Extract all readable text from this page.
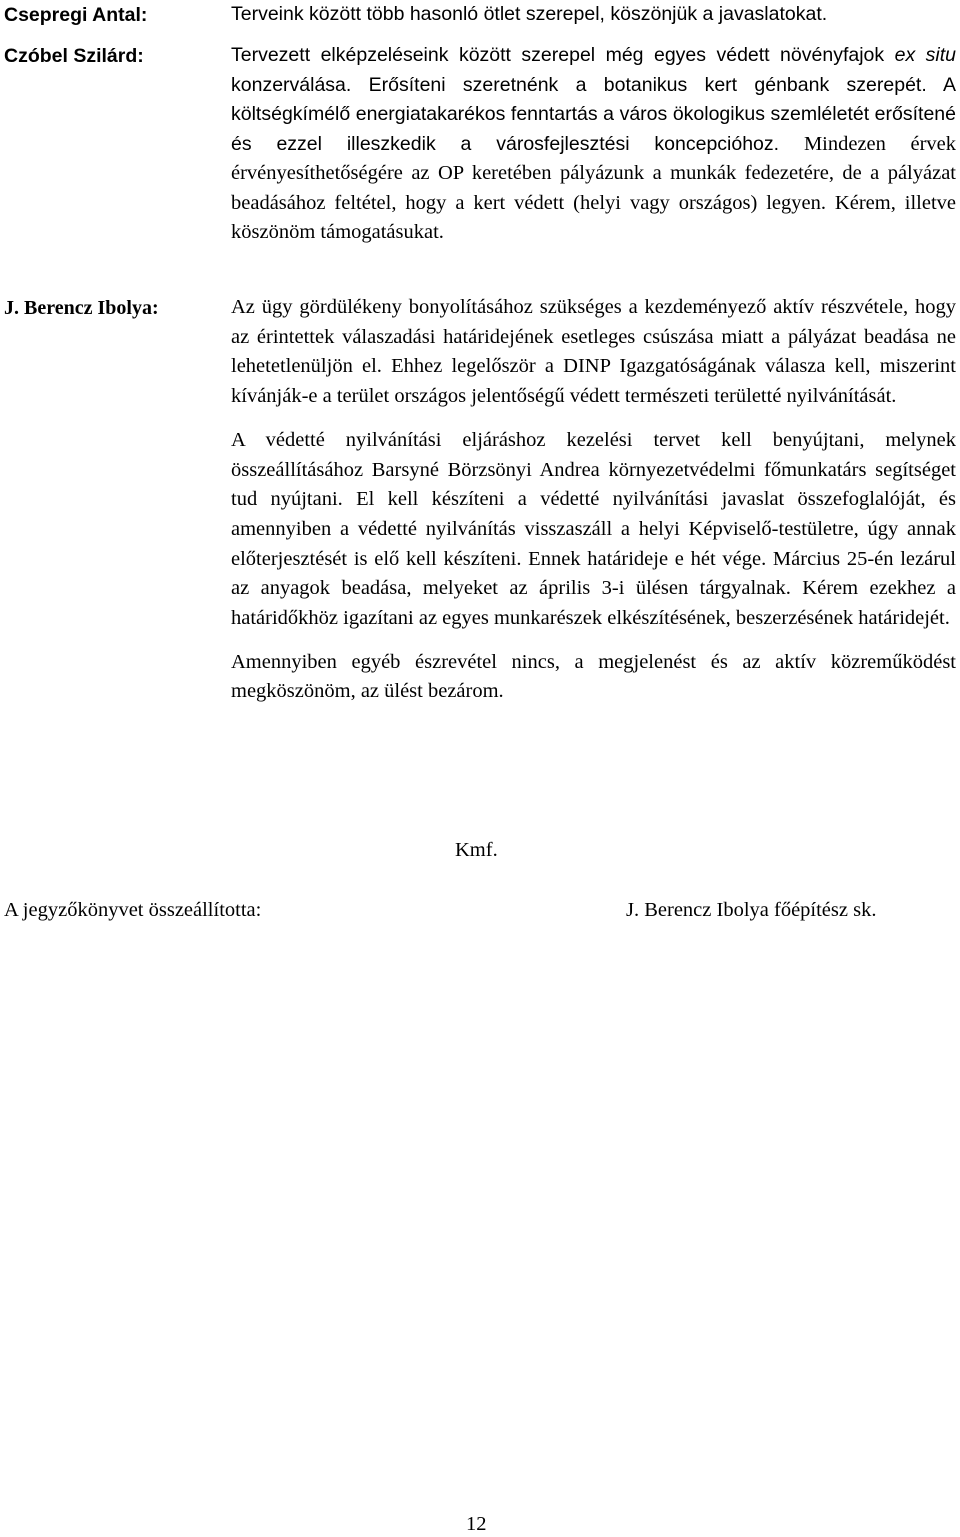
Csepregi Antal:	Terveink között több hasonló ötlet szerepel, köszönjük a javaslatokat.

Czóbel Szilárd:	Tervezett elképzeléseink között szerepel még egyes védett növényfajok ex situ konzerválása. Erősíteni szeretnénk a botanikus kert génbank szerepét. A költségkímélő energiatakarékos fenntartás a város ökologikus szemléletét erősítené és ezzel illeszkedik a városfejlesztési koncepcióhoz. Mindezen érvek érvényesíthetőségére az OP keretében pályázunk a munkák fedezetére, de a pályázat beadásához feltétel, hogy a kert védett (helyi vagy országos) legyen. Kérem, illetve köszönöm támogatásukat.

J. Berencz Ibolya:	Az ügy gördülékeny bonyolításához szükséges a kezdeményező aktív részvétele, hogy az érintettek válaszadási határidejének esetleges csúszása miatt a pályázat beadása ne lehetetlenüljön el. Ehhez legelőször a DINP Igazgatóságának válasza kell, miszerint kívánják-e a terület országos jelentőségű védett természeti területté nyilvánítását.

A védetté nyilvánítási eljáráshoz kezelési tervet kell benyújtani, melynek összeállításához Barsyné Börzsönyi Andrea környezetvédelmi főmunkatárs segítséget tud nyújtani. El kell készíteni a védetté nyilvánítási javaslat összefoglalóját, és amennyiben a védetté nyilvánítás visszaszáll a helyi Képviselő-testületre, úgy annak előterjesztését is elő kell készíteni. Ennek határideje e hét vége. Március 25-én lezárul az anyagok beadása, melyeket az április 3-i ülésen tárgyalnak. Kérem ezekhez a határidőkhöz igazítani az egyes munkarészek elkészítésének, beszerzésének határidejét.

Amennyiben egyéb észrevétel nincs, a megjelenést és az aktív közreműködést megköszönöm, az ülést bezárom.

Kmf.
A jegyzőkönyvet összeállította:	J. Berencz Ibolya főépítész sk.
12
